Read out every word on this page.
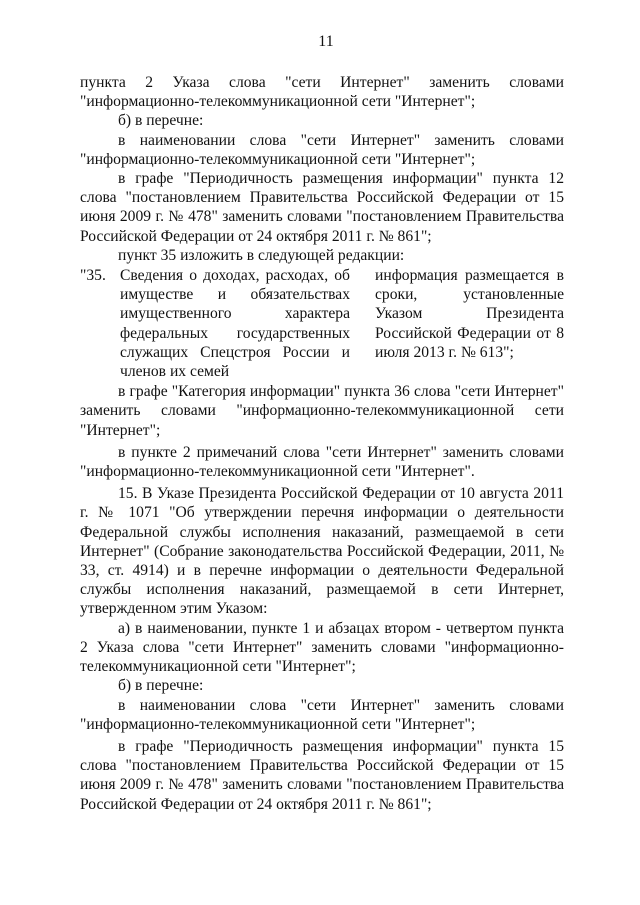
11

пункта 2 Указа слова "сети Интернет" заменить словами "информационно-телекоммуникационной сети "Интернет";

б) в перечне:

в наименовании слова "сети Интернет" заменить словами "информационно-телекоммуникационной сети "Интернет";

в графе "Периодичность размещения информации" пункта 12 слова "постановлением Правительства Российской Федерации от 15 июня 2009 г. № 478" заменить словами "постановлением Правительства Российской Федерации от 24 октября 2011 г. № 861";

пункт 35 изложить в следующей редакции:

"35. Сведения о доходах, расходах, об имуществе и обязательствах имущественного характера федеральных государственных служащих Спецстроя России и членов их семей
информация размещается в сроки, установленные Указом Президента Российской Федерации от 8 июля 2013 г. № 613";

в графе "Категория информации" пункта 36 слова "сети Интернет" заменить словами "информационно-телекоммуникационной сети "Интернет";

в пункте 2 примечаний слова "сети Интернет" заменить словами "информационно-телекоммуникационной сети "Интернет".

15. В Указе Президента Российской Федерации от 10 августа 2011 г. № 1071 "Об утверждении перечня информации о деятельности Федеральной службы исполнения наказаний, размещаемой в сети Интернет" (Собрание законодательства Российской Федерации, 2011, № 33, ст. 4914) и в перечне информации о деятельности Федеральной службы исполнения наказаний, размещаемой в сети Интернет, утвержденном этим Указом:

а) в наименовании, пункте 1 и абзацах втором - четвертом пункта 2 Указа слова "сети Интернет" заменить словами "информационно-телекоммуникационной сети "Интернет";

б) в перечне:

в наименовании слова "сети Интернет" заменить словами "информационно-телекоммуникационной сети "Интернет";

в графе "Периодичность размещения информации" пункта 15 слова "постановлением Правительства Российской Федерации от 15 июня 2009 г. № 478" заменить словами "постановлением Правительства Российской Федерации от 24 октября 2011 г. № 861";
